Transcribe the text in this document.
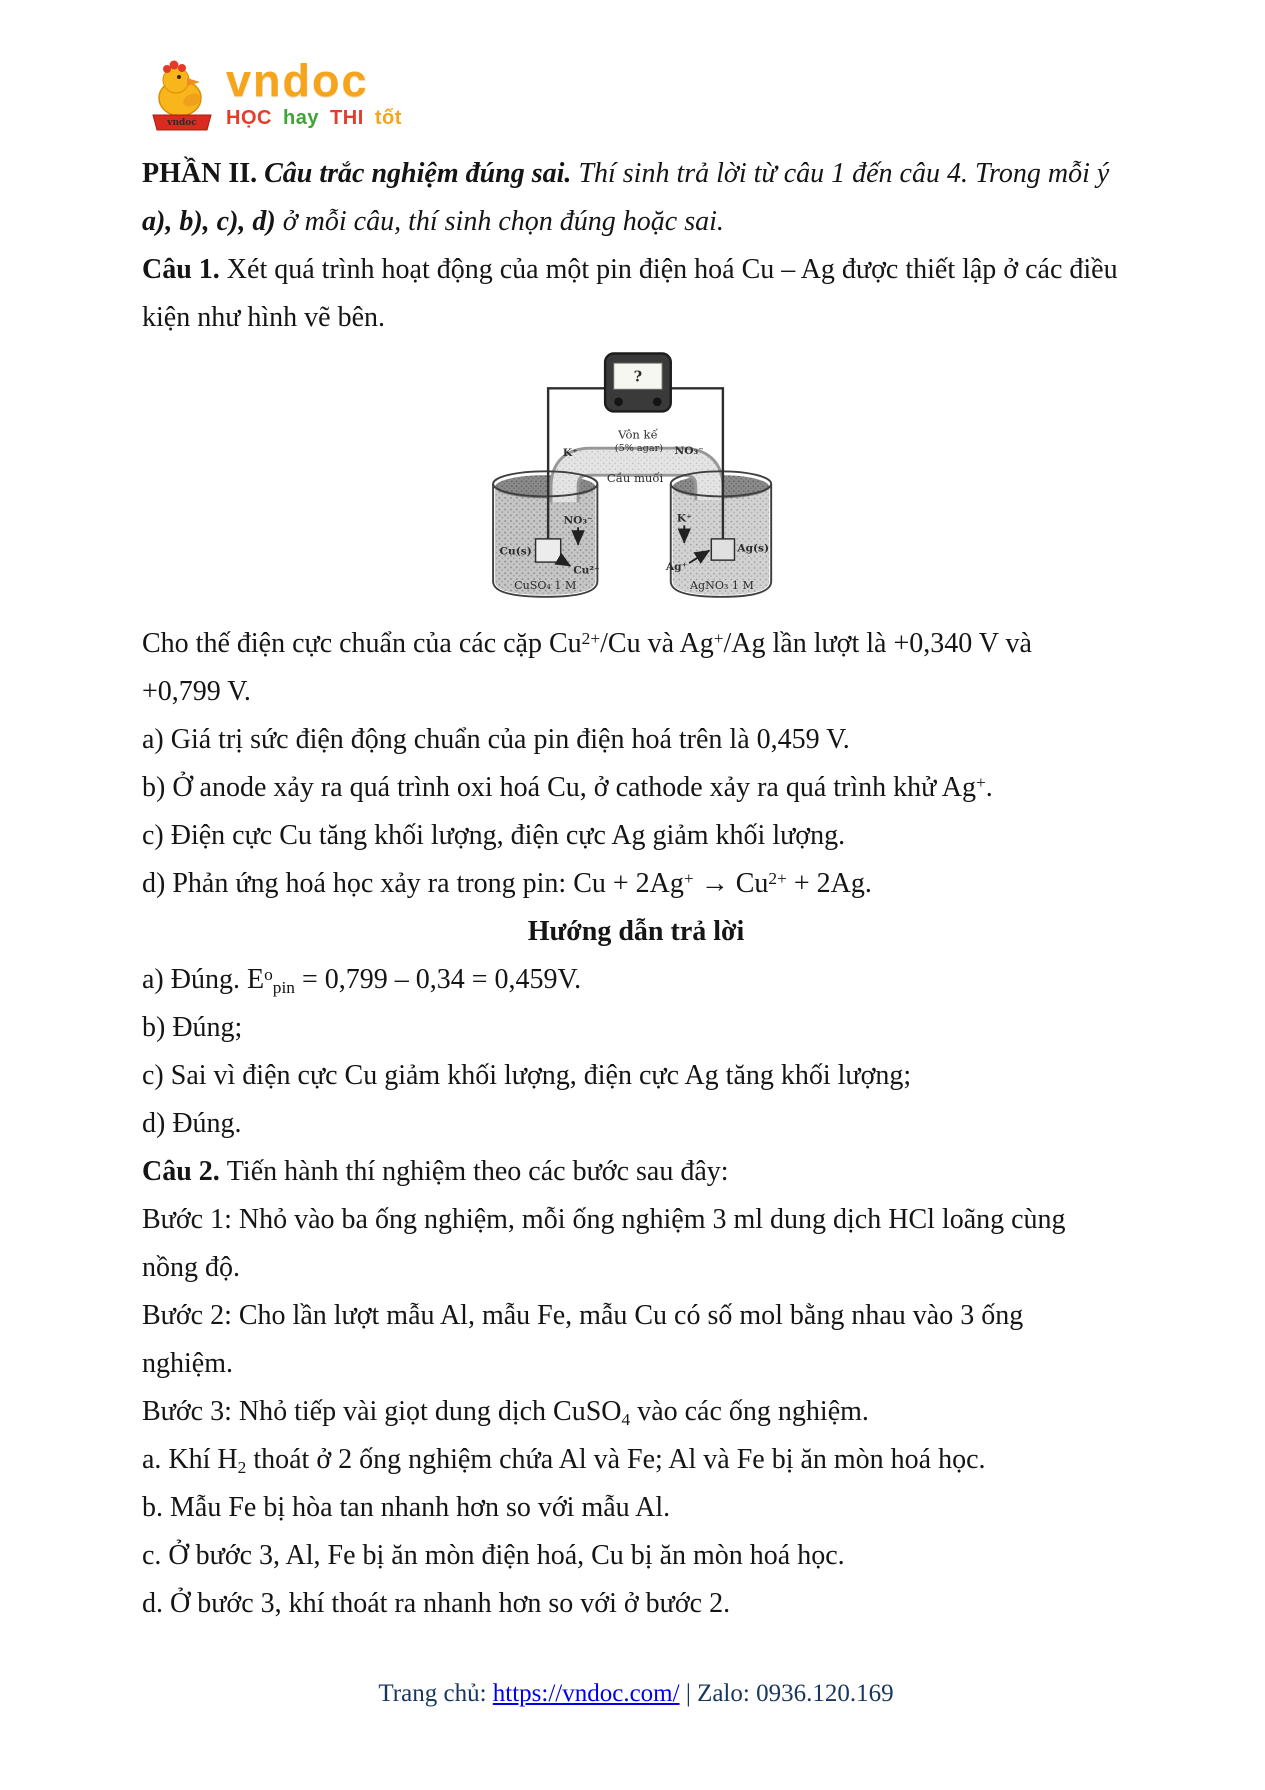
vndoc
vndoc
HỌC hay THI tốt
PHẦN II. Câu trắc nghiệm đúng sai. Thí sinh trả lời từ câu 1 đến câu 4. Trong mỗi ý
a), b), c), d) ở mỗi câu, thí sinh chọn đúng hoặc sai.
Câu 1. Xét quá trình hoạt động của một pin điện hoá Cu – Ag được thiết lập ở các điều
kiện như hình vẽ bên.
?
Vôn kế
K⁺	(5% agar) NO₃⁻
Cầu muối
Cu(s)
NO₃⁻
Cu²⁺
CuSO₄ 1 M
K⁺
Ag(s)
Ag⁺
AgNO₃ 1 M
Cho thế điện cực chuẩn của các cặp $Cu^{2+}/Cu$ và Ag+/Ag lần lượt là +0,340 V và
+0,799 V.
a) Giá trị sức điện động chuẩn của pin điện hoá trên là 0,459 V.
b) Ở anode xảy ra quá trình oxi hoá Cu, ở cathode xảy ra quá trình khử Ag+.
c) Điện cực Cu tăng khối lượng, điện cực Ag giảm khối lượng.
d) Phản ứng hoá học xảy ra trong pin: $Cu + 2Ag^+ \to Cu^{2+} + 2Ag$.
Hướng dẫn trả lời
a) Đúng. $E^o_{pin} = 0,799 - 0,34 = 0,459V$.
b) Đúng;
c) Sai vì điện cực Cu giảm khối lượng, điện cực Ag tăng khối lượng;
d) Đúng.
Câu 2. Tiến hành thí nghiệm theo các bước sau đây:
Bước 1: Nhỏ vào ba ống nghiệm, mỗi ống nghiệm 3 ml dung dịch HCl loãng cùng
nồng độ.
Bước 2: Cho lần lượt mẫu Al, mẫu Fe, mẫu Cu có số mol bằng nhau vào 3 ống
nghiệm.
Bước 3: Nhỏ tiếp vài giọt dung dịch CuSO$_4$ vào các ống nghiệm.
a. Khí $H_2$ thoát ở 2 ống nghiệm chứa Al và Fe; Al và Fe bị ăn mòn hoá học.
b. Mẫu Fe bị hòa tan nhanh hơn so với mẫu Al.
c. Ở bước 3, Al, Fe bị ăn mòn điện hoá, Cu bị ăn mòn hoá học.
d. Ở bước 3, khí thoát ra nhanh hơn so với ở bước 2.
Trang chủ: https://vndoc.com/ | Zalo: 0936.120.169
